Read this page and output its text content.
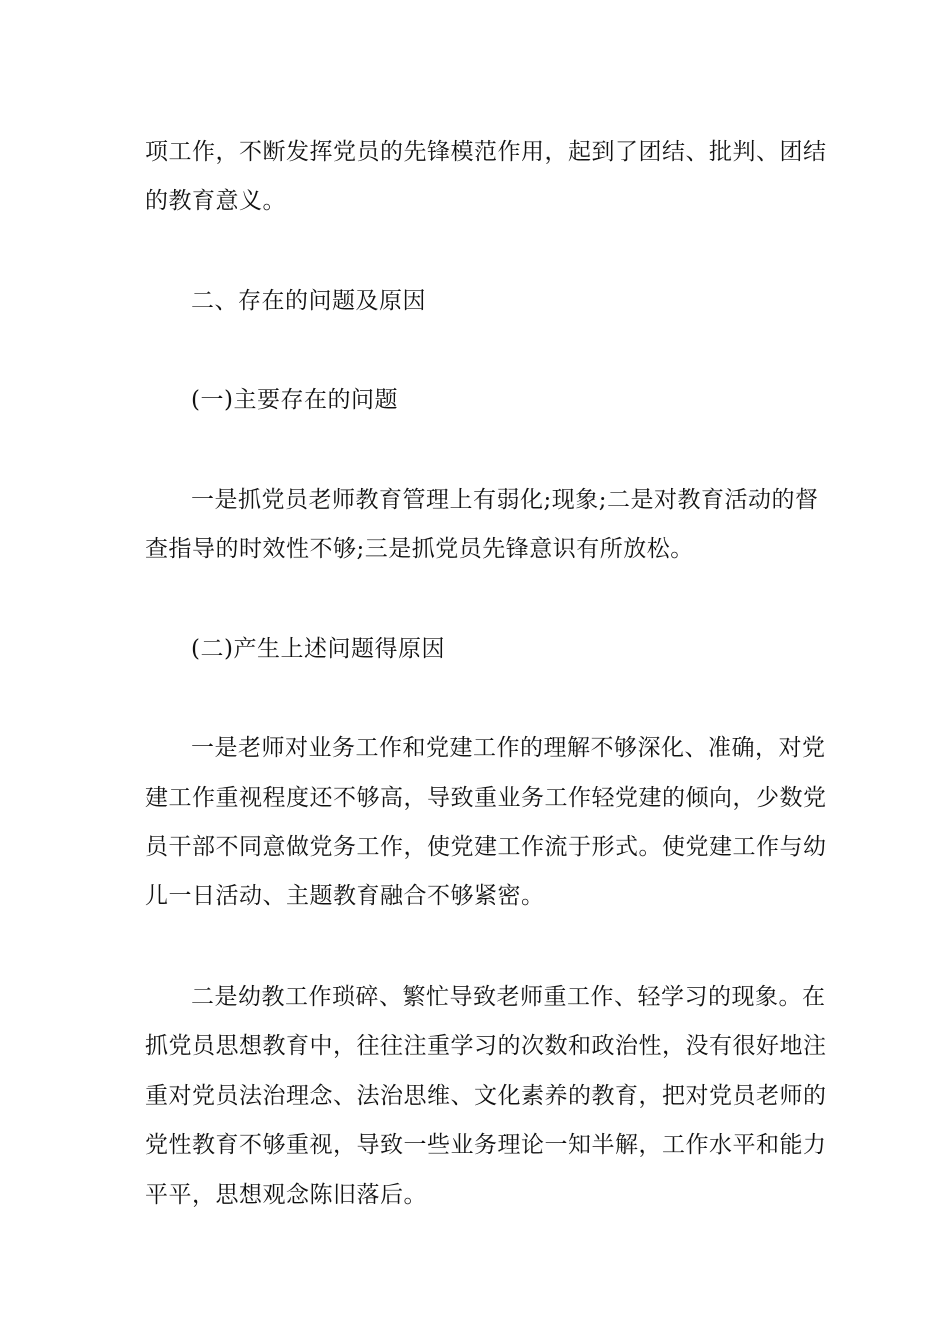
项工作，不断发挥党员的先锋模范作用，起到了团结、批判、团结

的教育意义。

二、存在的问题及原因

(一)主要存在的问题

一是抓党员老师教育管理上有弱化;现象;二是对教育活动的督

查指导的时效性不够;三是抓党员先锋意识有所放松。

(二)产生上述问题得原因

一是老师对业务工作和党建工作的理解不够深化、准确，对党

建工作重视程度还不够高，导致重业务工作轻党建的倾向，少数党

员干部不同意做党务工作，使党建工作流于形式。使党建工作与幼

儿一日活动、主题教育融合不够紧密。

二是幼教工作琐碎、繁忙导致老师重工作、轻学习的现象。在

抓党员思想教育中，往往注重学习的次数和政治性，没有很好地注

重对党员法治理念、法治思维、文化素养的教育，把对党员老师的

党性教育不够重视，导致一些业务理论一知半解，工作水平和能力

平平，思想观念陈旧落后。
